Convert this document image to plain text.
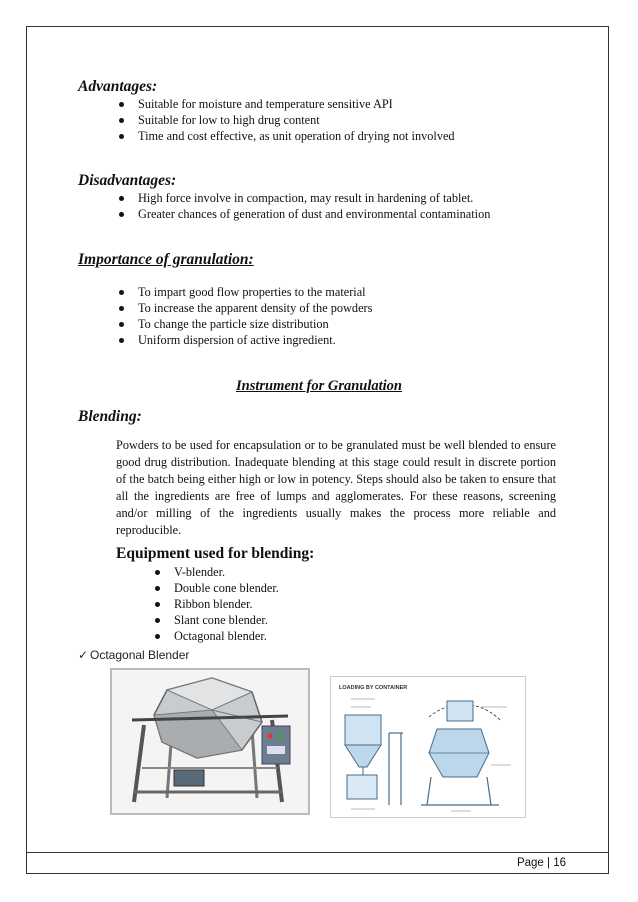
Advantages:
Suitable for moisture and temperature sensitive API
Suitable for low to high drug content
Time and cost effective, as unit operation of drying not involved
Disadvantages:
High force involve in compaction, may result in hardening of tablet.
Greater chances of generation of dust and environmental contamination
Importance of granulation:
To impart good flow properties to the material
To increase the apparent density of the powders
To change the particle size distribution
Uniform dispersion of active ingredient.
Instrument for Granulation
Blending:
Powders to be used for encapsulation or to be granulated must be well blended to ensure good drug distribution. Inadequate blending at this stage could result in discrete portion of the batch being either high or low in potency. Steps should also be taken to ensure that all the ingredients are free of lumps and agglomerates. For these reasons, screening and/or milling of the ingredients usually makes the process more reliable and reproducible.
Equipment used for blending:
V-blender.
Double cone blender.
Ribbon blender.
Slant cone blender.
Octagonal blender.
✓ Octagonal Blender
LOADING BY CONTAINER
Page | 16
